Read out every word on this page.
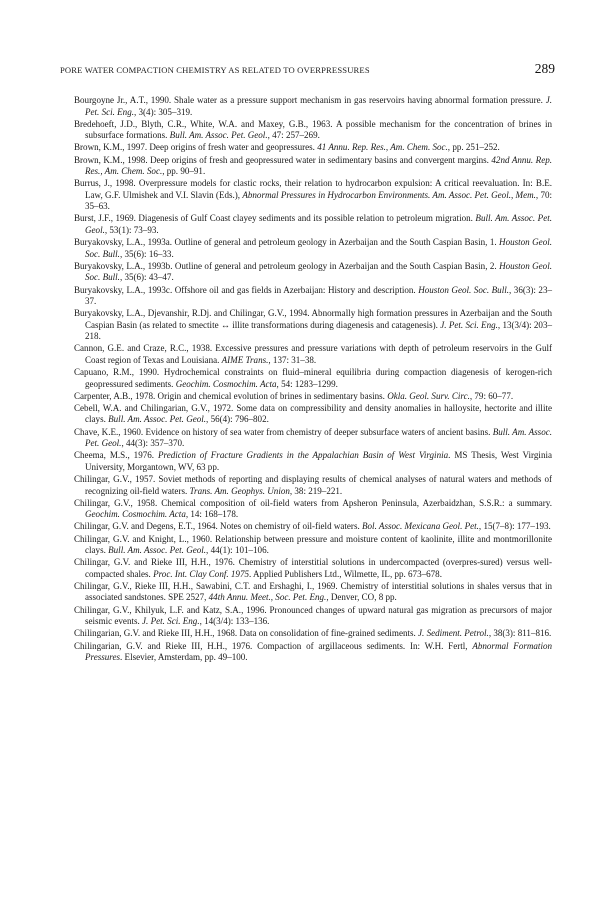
PORE WATER COMPACTION CHEMISTRY AS RELATED TO OVERPRESSURES	289
Bourgoyne Jr., A.T., 1990. Shale water as a pressure support mechanism in gas reservoirs having abnormal formation pressure. J. Pet. Sci. Eng., 3(4): 305–319.
Bredehoeft, J.D., Blyth, C.R., White, W.A. and Maxey, G.B., 1963. A possible mechanism for the concentration of brines in subsurface formations. Bull. Am. Assoc. Pet. Geol., 47: 257–269.
Brown, K.M., 1997. Deep origins of fresh water and geopressures. 41 Annu. Rep. Res., Am. Chem. Soc., pp. 251–252.
Brown, K.M., 1998. Deep origins of fresh and geopressured water in sedimentary basins and convergent margins. 42nd Annu. Rep. Res., Am. Chem. Soc., pp. 90–91.
Burrus, J., 1998. Overpressure models for clastic rocks, their relation to hydrocarbon expulsion: A critical reevaluation. In: B.E. Law, G.F. Ulmishek and V.I. Slavin (Eds.), Abnormal Pressures in Hydrocarbon Environments. Am. Assoc. Pet. Geol., Mem., 70: 35–63.
Burst, J.F., 1969. Diagenesis of Gulf Coast clayey sediments and its possible relation to petroleum migration. Bull. Am. Assoc. Pet. Geol., 53(1): 73–93.
Buryakovsky, L.A., 1993a. Outline of general and petroleum geology in Azerbaijan and the South Caspian Basin, 1. Houston Geol. Soc. Bull., 35(6): 16–33.
Buryakovsky, L.A., 1993b. Outline of general and petroleum geology in Azerbaijan and the South Caspian Basin, 2. Houston Geol. Soc. Bull., 35(6): 43–47.
Buryakovsky, L.A., 1993c. Offshore oil and gas fields in Azerbaijan: History and description. Houston Geol. Soc. Bull., 36(3): 23–37.
Buryakovsky, L.A., Djevanshir, R.Dj. and Chilingar, G.V., 1994. Abnormally high formation pressures in Azerbaijan and the South Caspian Basin (as related to smectite ↔ illite transformations during diagenesis and catagenesis). J. Pet. Sci. Eng., 13(3/4): 203–218.
Cannon, G.E. and Craze, R.C., 1938. Excessive pressures and pressure variations with depth of petroleum reservoirs in the Gulf Coast region of Texas and Louisiana. AIME Trans., 137: 31–38.
Capuano, R.M., 1990. Hydrochemical constraints on fluid–mineral equilibria during compaction diagenesis of kerogen-rich geopressured sediments. Geochim. Cosmochim. Acta, 54: 1283–1299.
Carpenter, A.B., 1978. Origin and chemical evolution of brines in sedimentary basins. Okla. Geol. Surv. Circ., 79: 60–77.
Cebell, W.A. and Chilingarian, G.V., 1972. Some data on compressibility and density anomalies in halloysite, hectorite and illite clays. Bull. Am. Assoc. Pet. Geol., 56(4): 796–802.
Chave, K.E., 1960. Evidence on history of sea water from chemistry of deeper subsurface waters of ancient basins. Bull. Am. Assoc. Pet. Geol., 44(3): 357–370.
Cheema, M.S., 1976. Prediction of Fracture Gradients in the Appalachian Basin of West Virginia. MS Thesis, West Virginia University, Morgantown, WV, 63 pp.
Chilingar, G.V., 1957. Soviet methods of reporting and displaying results of chemical analyses of natural waters and methods of recognizing oil-field waters. Trans. Am. Geophys. Union, 38: 219–221.
Chilingar, G.V., 1958. Chemical composition of oil-field waters from Apsheron Peninsula, Azerbaidzhan, S.S.R.: a summary. Geochim. Cosmochim. Acta, 14: 168–178.
Chilingar, G.V. and Degens, E.T., 1964. Notes on chemistry of oil-field waters. Bol. Assoc. Mexicana Geol. Pet., 15(7–8): 177–193.
Chilingar, G.V. and Knight, L., 1960. Relationship between pressure and moisture content of kaolinite, illite and montmorillonite clays. Bull. Am. Assoc. Pet. Geol., 44(1): 101–106.
Chilingar, G.V. and Rieke III, H.H., 1976. Chemistry of interstitial solutions in undercompacted (overpres-sured) versus well-compacted shales. Proc. Int. Clay Conf. 1975. Applied Publishers Ltd., Wilmette, IL, pp. 673–678.
Chilingar, G.V., Rieke III, H.H., Sawabini, C.T. and Ershaghi, I., 1969. Chemistry of interstitial solutions in shales versus that in associated sandstones. SPE 2527, 44th Annu. Meet., Soc. Pet. Eng., Denver, CO, 8 pp.
Chilingar, G.V., Khilyuk, L.F. and Katz, S.A., 1996. Pronounced changes of upward natural gas migration as precursors of major seismic events. J. Pet. Sci. Eng., 14(3/4): 133–136.
Chilingarian, G.V. and Rieke III, H.H., 1968. Data on consolidation of fine-grained sediments. J. Sediment. Petrol., 38(3): 811–816.
Chilingarian, G.V. and Rieke III, H.H., 1976. Compaction of argillaceous sediments. In: W.H. Fertl, Abnormal Formation Pressures. Elsevier, Amsterdam, pp. 49–100.
